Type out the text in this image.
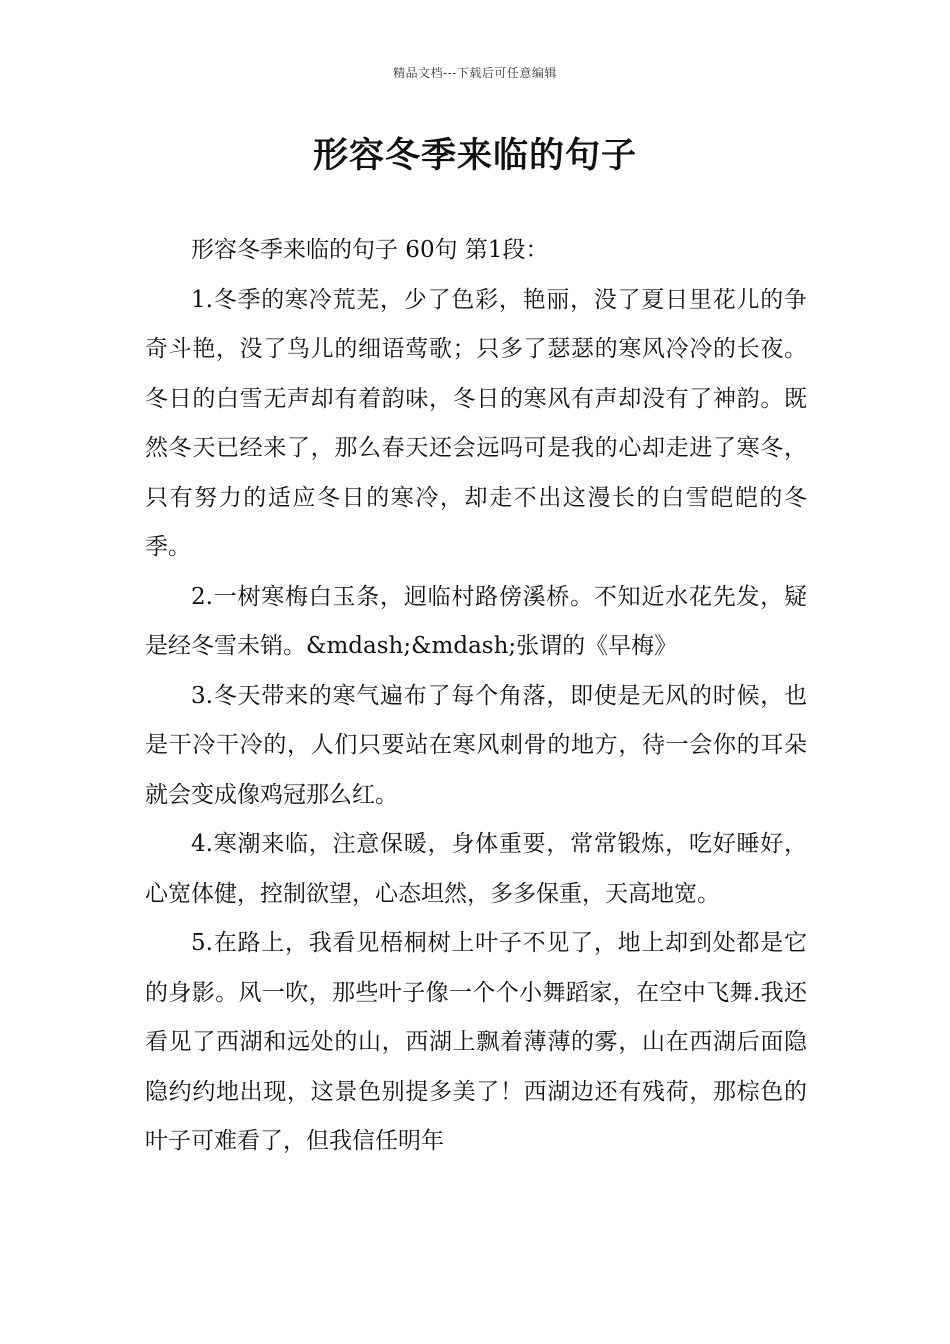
精品文档---下载后可任意编辑
形容冬季来临的句子

形容冬季来临的句子 60句 第1段：

1.冬季的寒冷荒芜，少了色彩，艳丽，没了夏日里花儿的争奇斗艳，没了鸟儿的细语莺歌；只多了瑟瑟的寒风冷冷的长夜。冬日的白雪无声却有着韵味，冬日的寒风有声却没有了神韵。既然冬天已经来了，那么春天还会远吗可是我的心却走进了寒冬，只有努力的适应冬日的寒冷，却走不出这漫长的白雪皑皑的冬季。

2.一树寒梅白玉条，迥临村路傍溪桥。不知近水花先发，疑是经冬雪未销。&mdash;&mdash;张谓的《早梅》

3.冬天带来的寒气遍布了每个角落，即使是无风的时候，也是干冷干冷的，人们只要站在寒风刺骨的地方，待一会你的耳朵就会变成像鸡冠那么红。

4.寒潮来临，注意保暖，身体重要，常常锻炼，吃好睡好，心宽体健，控制欲望，心态坦然，多多保重，天高地宽。

5.在路上，我看见梧桐树上叶子不见了，地上却到处都是它的身影。风一吹，那些叶子像一个个小舞蹈家，在空中飞舞.我还看见了西湖和远处的山，西湖上飘着薄薄的雾，山在西湖后面隐隐约约地出现，这景色别提多美了！西湖边还有残荷，那棕色的叶子可难看了，但我信任明年
